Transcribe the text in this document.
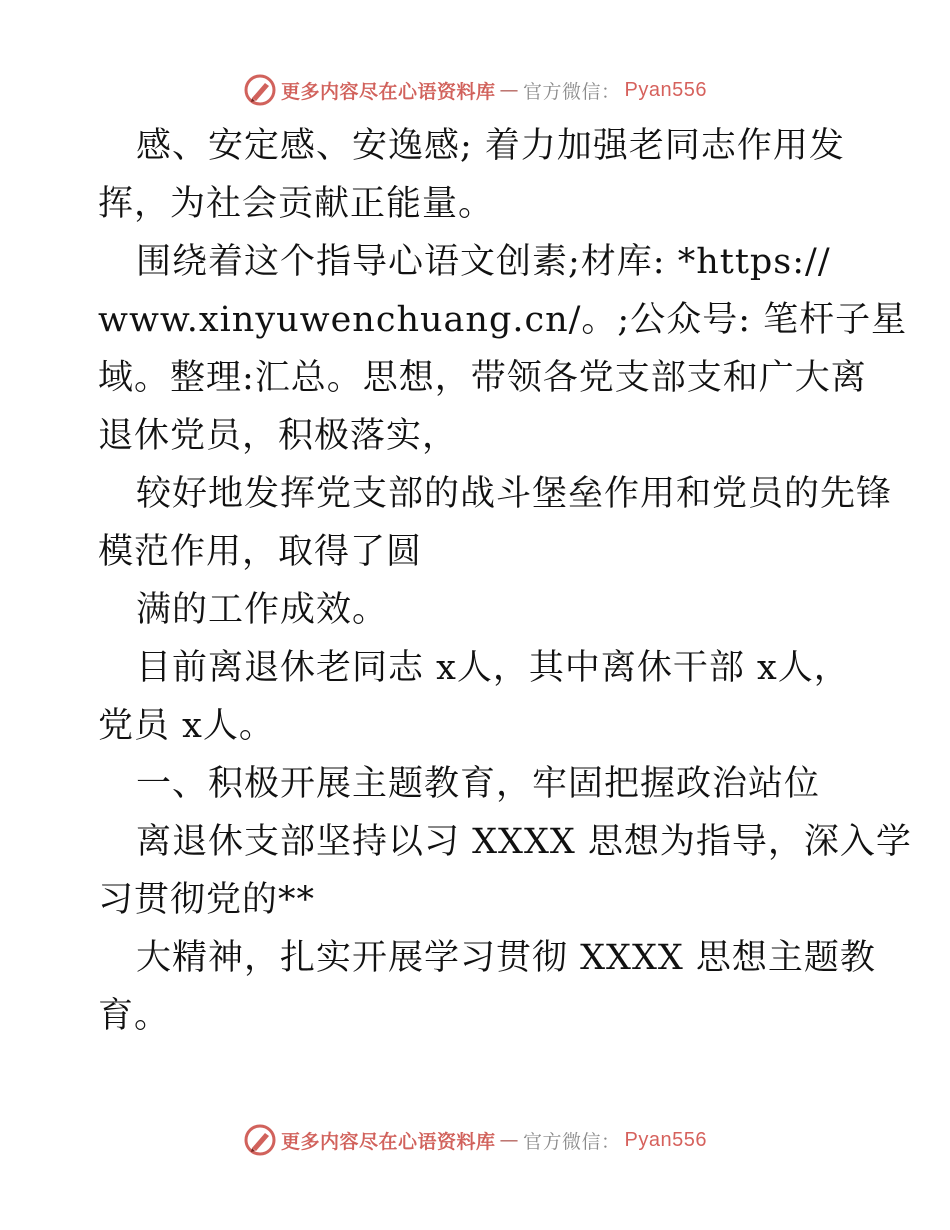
更多内容尽在心语资料库 — 官方微信： Pyan556

感、安定感、安逸感; 着力加强老同志作用发

挥，为社会贡献正能量。

围绕着这个指导心语文创素;材库: *https://

www.xinyuwenchuang.cn/。;公众号: 笔杆子星

域。整理:汇总。思想，带领各党支部支和广大离

退休党员，积极落实，

较好地发挥党支部的战斗堡垒作用和党员的先锋

模范作用，取得了圆

满的工作成效。

目前离退休老同志 x人，其中离休干部 x人，

党员 x人。

一、积极开展主题教育，牢固把握政治站位

离退休支部坚持以习 XXXX 思想为指导，深入学

习贯彻党的**

大精神，扎实开展学习贯彻 XXXX 思想主题教

育。

更多内容尽在心语资料库 — 官方微信： Pyan556
